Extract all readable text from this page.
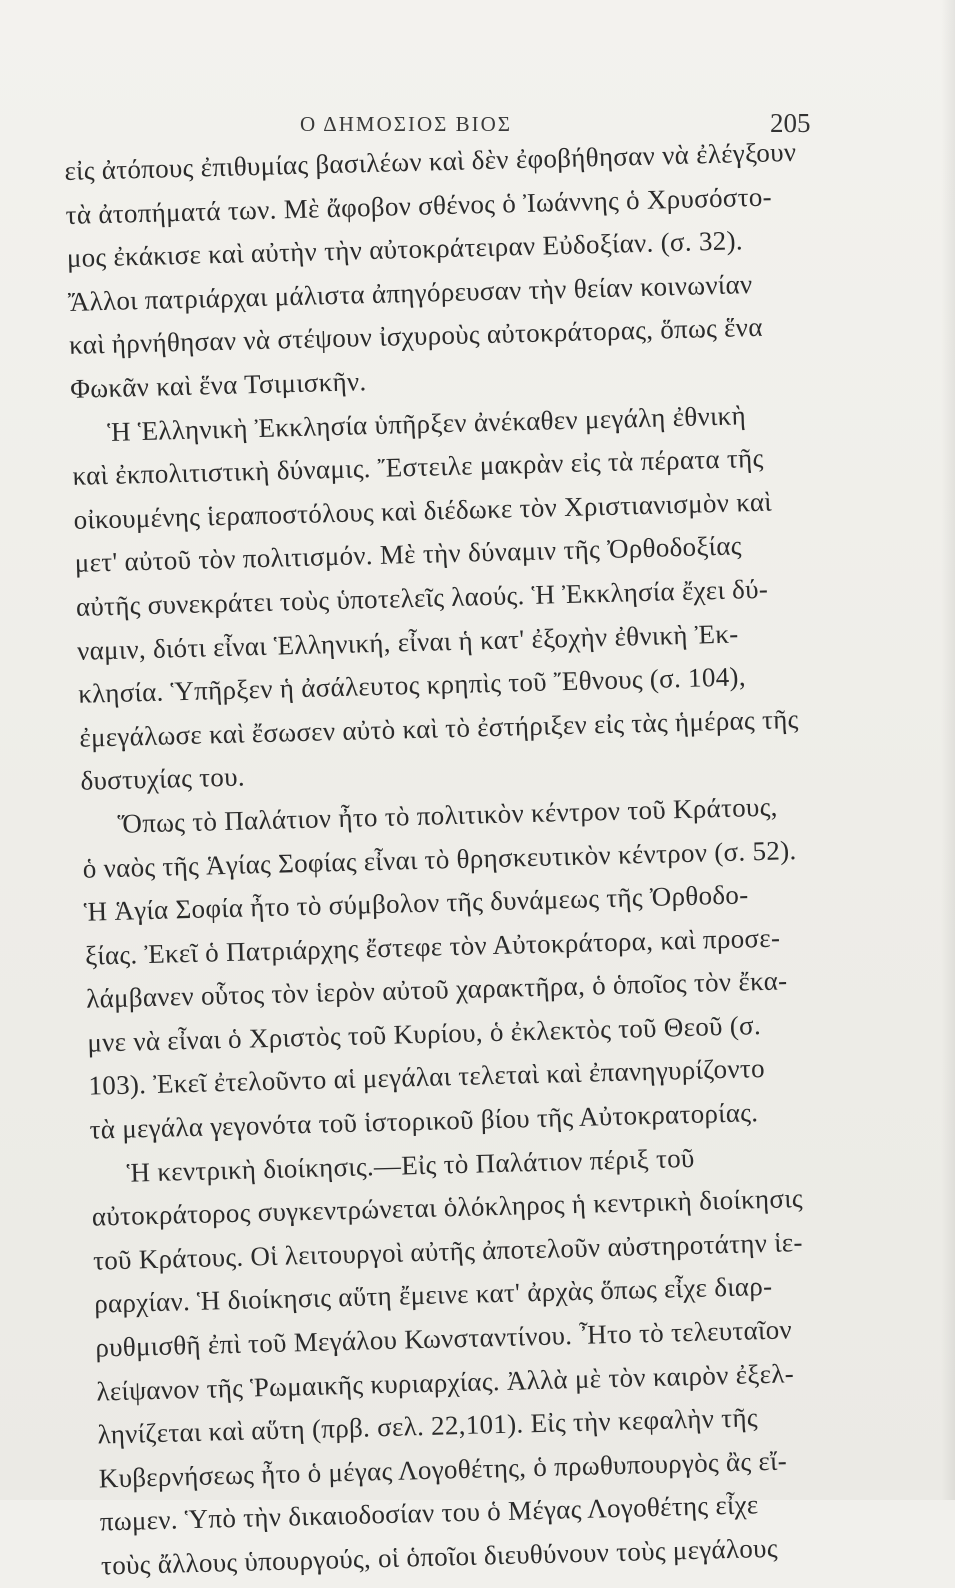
Ο ΔΗΜΟΣΙΟΣ ΒΙΟΣ	205
εἰς ἀτόπους ἐπιθυμίας βασιλέων καὶ δὲν ἐφοβήθησαν νὰ ἐλέγξουν
τὰ ἀτοπήματά των. Μὲ ἄφοβον σθένος ὁ Ἰωάννης ὁ Χρυσόστο-
μος ἐκάκισε καὶ αὐτὴν τὴν αὐτοκράτειραν Εὐδοξίαν. (σ. 32).
Ἄλλοι πατριάρχαι μάλιστα ἀπηγόρευσαν τὴν θείαν κοινωνίαν
καὶ ἠρνήθησαν νὰ στέψουν ἰσχυροὺς αὐτοκράτορας, ὅπως ἕνα
Φωκᾶν καὶ ἕνα Τσιμισκῆν.
Ἡ Ἑλληνικὴ Ἐκκλησία ὑπῆρξεν ἀνέκαθεν μεγάλη ἐθνικὴ
καὶ ἐκπολιτιστικὴ δύναμις. Ἔστειλε μακρὰν εἰς τὰ πέρατα τῆς
οἰκουμένης ἱεραποστόλους καὶ διέδωκε τὸν Χριστιανισμὸν καὶ
μετ' αὐτοῦ τὸν πολιτισμόν. Μὲ τὴν δύναμιν τῆς Ὀρθοδοξίας
αὐτῆς συνεκράτει τοὺς ὑποτελεῖς λαούς. Ἡ Ἐκκλησία ἔχει δύ-
ναμιν, διότι εἶναι Ἑλληνική, εἶναι ἡ κατ' ἐξοχὴν ἐθνικὴ Ἐκ-
κλησία. Ὑπῆρξεν ἡ ἀσάλευτος κρηπὶς τοῦ Ἔθνους (σ. 104),
ἐμεγάλωσε καὶ ἔσωσεν αὐτὸ καὶ τὸ ἐστήριξεν εἰς τὰς ἡμέρας τῆς
δυστυχίας του.
Ὅπως τὸ Παλάτιον ἦτο τὸ πολιτικὸν κέντρον τοῦ Κράτους,
ὁ ναὸς τῆς Ἁγίας Σοφίας εἶναι τὸ θρησκευτικὸν κέντρον (σ. 52).
Ἡ Ἁγία Σοφία ἦτο τὸ σύμβολον τῆς δυνάμεως τῆς Ὀρθοδο-
ξίας. Ἐκεῖ ὁ Πατριάρχης ἔστεφε τὸν Αὐτοκράτορα, καὶ προσε-
λάμβανεν οὗτος τὸν ἱερὸν αὐτοῦ χαρακτῆρα, ὁ ὁποῖος τὸν ἔκα-
μνε νὰ εἶναι ὁ Χριστὸς τοῦ Κυρίου, ὁ ἐκλεκτὸς τοῦ Θεοῦ (σ.
103). Ἐκεῖ ἐτελοῦντο αἱ μεγάλαι τελεταὶ καὶ ἐπανηγυρίζοντο
τὰ μεγάλα γεγονότα τοῦ ἱστορικοῦ βίου τῆς Αὐτοκρατορίας.
Ἡ κεντρικὴ διοίκησις.—Εἰς τὸ Παλάτιον πέριξ τοῦ
αὐτοκράτορος συγκεντρώνεται ὁλόκληρος ἡ κεντρικὴ διοίκησις
τοῦ Κράτους. Οἱ λειτουργοὶ αὐτῆς ἀποτελοῦν αὐστηροτάτην ἱε-
ραρχίαν. Ἡ διοίκησις αὕτη ἔμεινε κατ' ἀρχὰς ὅπως εἶχε διαρ-
ρυθμισθῆ ἐπὶ τοῦ Μεγάλου Κωνσταντίνου. Ἦτο τὸ τελευταῖον
λείψανον τῆς Ῥωμαικῆς κυριαρχίας. Ἀλλὰ μὲ τὸν καιρὸν ἐξελ-
ληνίζεται καὶ αὕτη (πρβ. σελ. 22,101). Εἰς τὴν κεφαλὴν τῆς
Κυβερνήσεως ἦτο ὁ μέγας Λογοθέτης, ὁ πρωθυπουργὸς ἂς εἴ-
πωμεν. Ὑπὸ τὴν δικαιοδοσίαν του ὁ Μέγας Λογοθέτης εἶχε
τοὺς ἄλλους ὑπουργούς, οἱ ὁποῖοι διευθύνουν τοὺς μεγάλους
